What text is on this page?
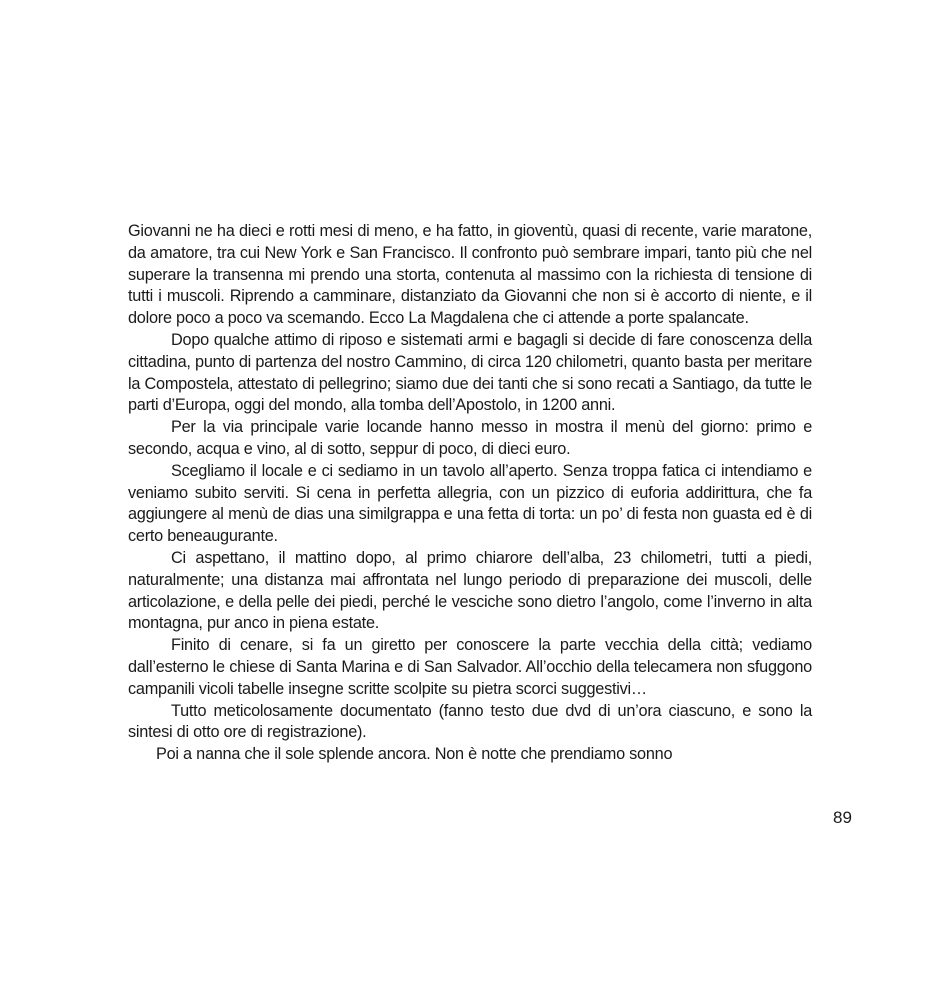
Giovanni ne ha dieci e rotti mesi di meno, e ha fatto, in gioventù, quasi di recente, varie maratone, da amatore, tra cui New York e San Francisco. Il confronto può sembrare impari, tanto più che nel superare la transenna mi prendo una storta, contenuta al massimo con la richiesta di tensione di tutti i muscoli. Riprendo a camminare, distanziato da Giovanni che non si è accorto di niente, e il dolore poco a poco va scemando. Ecco La Magdalena che ci attende a porte spalancate.

Dopo qualche attimo di riposo e sistemati armi e bagagli si decide di fare conoscenza della cittadina, punto di partenza del nostro Cammino, di circa 120 chilometri, quanto basta per meritare la Compostela, attestato di pellegrino; siamo due dei tanti che si sono recati a Santiago, da tutte le parti d’Europa, oggi del mondo, alla tomba dell’Apostolo, in 1200 anni.

Per la via principale varie locande hanno messo in mostra il menù del giorno: primo e secondo, acqua e vino, al di sotto, seppur di poco, di dieci euro.

Scegliamo il locale e ci sediamo in un tavolo all’aperto. Senza troppa fatica ci intendiamo e veniamo subito serviti. Si cena in perfetta allegria, con un pizzico di euforia addirittura, che fa aggiungere al menù de dias una similgrappa e una fetta di torta: un po’ di festa non guasta ed è di certo beneaugurante.

Ci aspettano, il mattino dopo, al primo chiarore dell’alba, 23 chilometri, tutti a piedi, naturalmente; una distanza mai affrontata nel lungo periodo di preparazione dei muscoli, delle articolazione, e della pelle dei piedi, perché le vesciche sono dietro l’angolo, come l’inverno in alta montagna, pur anco in piena estate.

Finito di cenare, si fa un giretto per conoscere la parte vecchia della città; vediamo dall’esterno le chiese di Santa Marina e di San Salvador. All’occhio della telecamera non sfuggono campanili vicoli tabelle insegne scritte scolpite su pietra scorci suggestivi…

Tutto meticolosamente documentato (fanno testo due dvd di un’ora ciascuno, e sono la sintesi di otto ore di registrazione).

Poi a nanna che il sole splende ancora. Non è notte che prendiamo sonno

89
